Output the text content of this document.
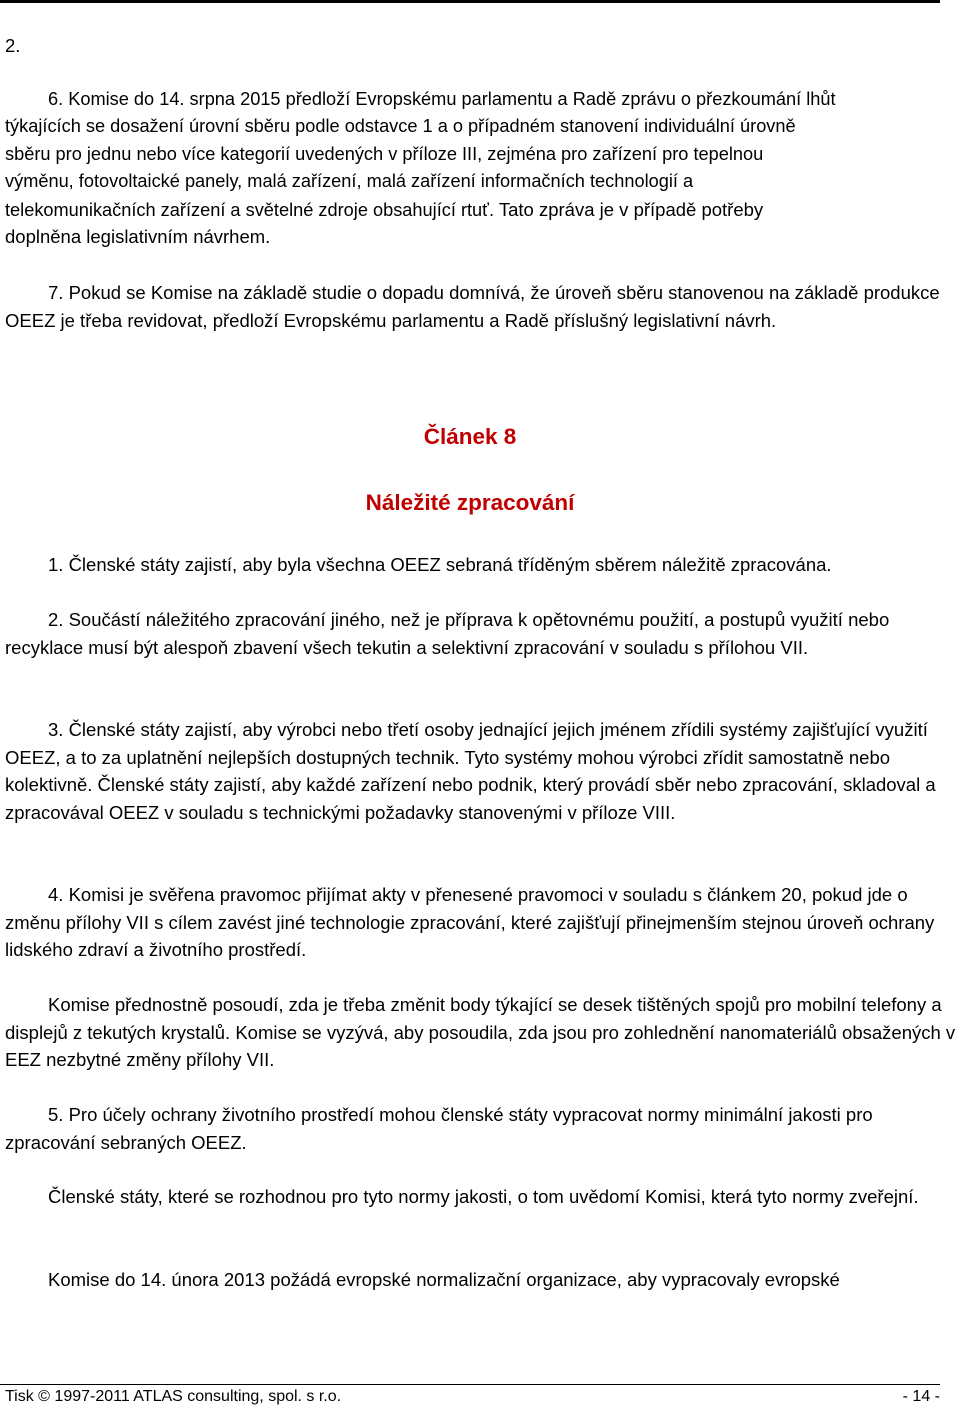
2.

6. Komise do 14. srpna 2015 předloží Evropskému parlamentu a Radě zprávu o přezkoumání lhůt

týkajících se dosažení úrovní sběru podle odstavce 1 a o případném stanovení individuální úrovně

sběru pro jednu nebo více kategorií uvedených v příloze III, zejména pro zařízení pro tepelnou

výměnu, fotovoltaické panely, malá zařízení, malá zařízení informačních technologií a

telekomunikačních zařízení a světelné zdroje obsahující rtuť. Tato zpráva je v případě potřeby

doplněna legislativním návrhem.

7. Pokud se Komise na základě studie o dopadu domnívá, že úroveň sběru stanovenou na základě produkce OEEZ je třeba revidovat, předloží Evropskému parlamentu a Radě příslušný legislativní návrh.

Článek 8

Náležité zpracování

1. Členské státy zajistí, aby byla všechna OEEZ sebraná tříděným sběrem náležitě zpracována.

2. Součástí náležitého zpracování jiného, než je příprava k opětovnému použití, a postupů využití nebo recyklace musí být alespoň zbavení všech tekutin a selektivní zpracování v souladu s přílohou VII.

3. Členské státy zajistí, aby výrobci nebo třetí osoby jednající jejich jménem zřídili systémy zajišťující využití OEEZ, a to za uplatnění nejlepších dostupných technik. Tyto systémy mohou výrobci zřídit samostatně nebo kolektivně. Členské státy zajistí, aby každé zařízení nebo podnik, který provádí sběr nebo zpracování, skladoval a zpracovával OEEZ v souladu s technickými požadavky stanovenými v příloze VIII.

4. Komisi je svěřena pravomoc přijímat akty v přenesené pravomoci v souladu s článkem 20, pokud jde o změnu přílohy VII s cílem zavést jiné technologie zpracování, které zajišťují přinejmenším stejnou úroveň ochrany lidského zdraví a životního prostředí.

Komise přednostně posoudí, zda je třeba změnit body týkající se desek tištěných spojů pro mobilní telefony a displejů z tekutých krystalů. Komise se vyzývá, aby posoudila, zda jsou pro zohlednění nanomateriálů obsažených v EEZ nezbytné změny přílohy VII.

5. Pro účely ochrany životního prostředí mohou členské státy vypracovat normy minimální jakosti pro zpracování sebraných OEEZ.

Členské státy, které se rozhodnou pro tyto normy jakosti, o tom uvědomí Komisi, která tyto normy zveřejní.

Komise do 14. února 2013 požádá evropské normalizační organizace, aby vypracovaly evropské

Tisk © 1997-2011 ATLAS consulting, spol. s r.o.	- 14 -
